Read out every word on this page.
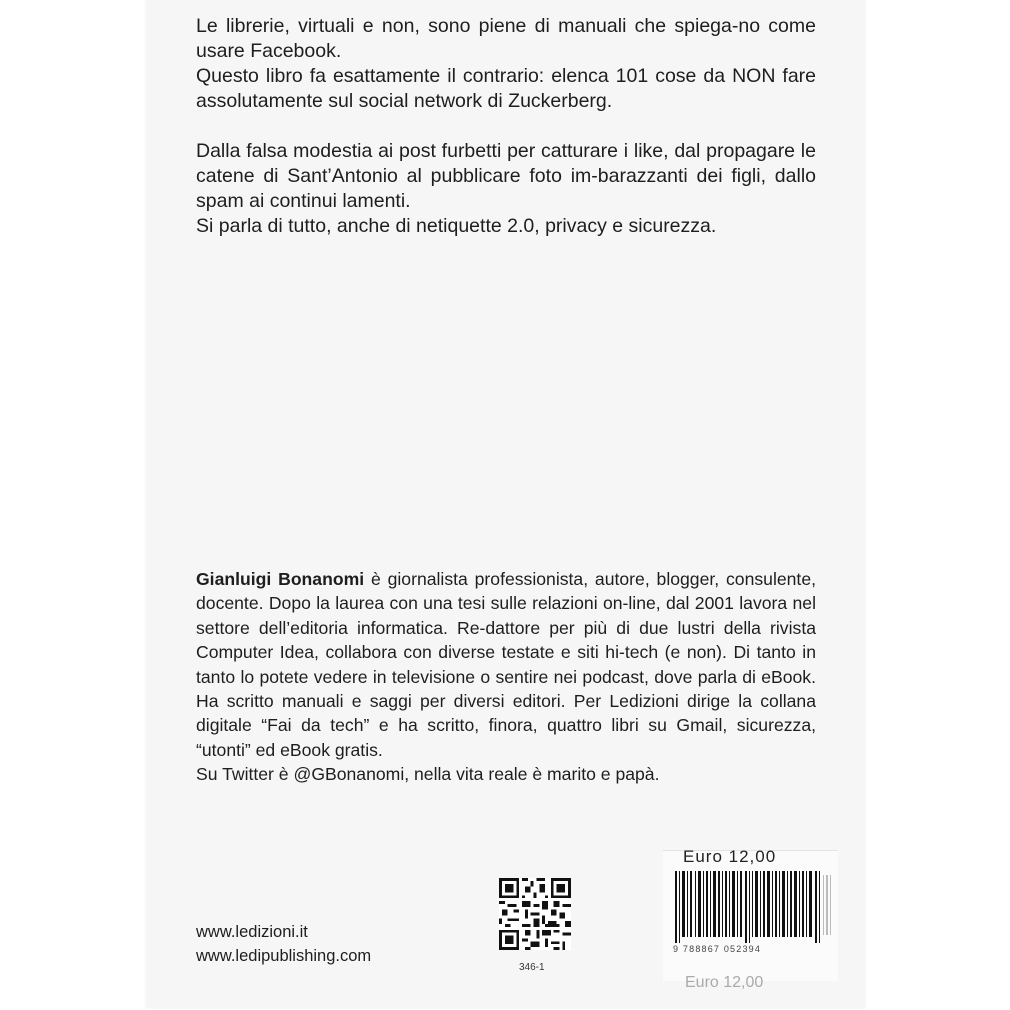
Le librerie, virtuali e non, sono piene di manuali che spiega-no come usare Facebook.

Questo libro fa esattamente il contrario: elenca 101 cose da NON fare assolutamente sul social network di Zuckerberg.

Dalla falsa modestia ai post furbetti per catturare i like, dal propagare le catene di Sant’Antonio al pubblicare foto im-barazzanti dei figli, dallo spam ai continui lamenti.

Si parla di tutto, anche di netiquette 2.0, privacy e sicurezza.

Gianluigi Bonanomi è giornalista professionista, autore, blogger, consulente, docente. Dopo la laurea con una tesi sulle relazioni on-line, dal 2001 lavora nel settore dell’editoria informatica. Re-dattore per più di due lustri della rivista Computer Idea, collabora con diverse testate e siti hi-tech (e non). Di tanto in tanto lo potete vedere in televisione o sentire nei podcast, dove parla di eBook. Ha scritto manuali e saggi per diversi editori. Per Ledizioni dirige la collana digitale “Fai da tech” e ha scritto, finora, quattro libri su Gmail, sicurezza, “utonti” ed eBook gratis.

Su Twitter è @GBonanomi, nella vita reale è marito e papà.

www.ledizioni.it
www.ledipublishing.com
346-1
Euro 12,00
9 788867 052394
Euro 12,00
